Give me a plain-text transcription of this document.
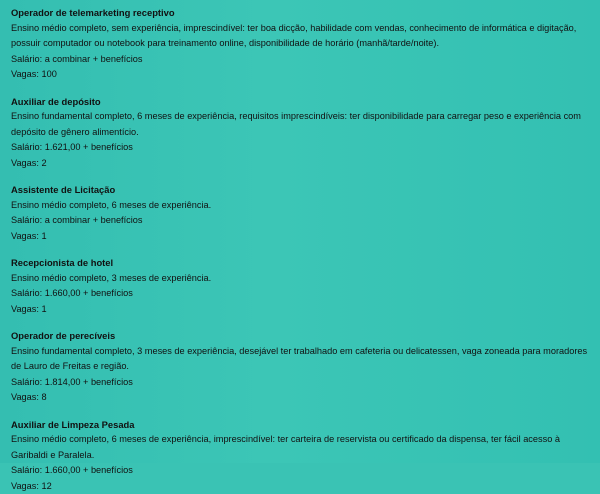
Operador de telemarketing receptivo

Ensino médio completo, sem experiência, imprescindível: ter boa dicção, habilidade com vendas, conhecimento de informática e digitação, possuir computador ou notebook para treinamento online, disponibilidade de horário (manhã/tarde/noite).

Salário: a combinar + benefícios

Vagas: 100

Auxiliar de depósito

Ensino fundamental completo, 6 meses de experiência, requisitos imprescindíveis: ter disponibilidade para carregar peso e experiência com depósito de gênero alimentício.

Salário: 1.621,00 + benefícios

Vagas: 2

Assistente de Licitação

Ensino médio completo, 6 meses de experiência.

Salário: a combinar + benefícios

Vagas: 1

Recepcionista de hotel

Ensino médio completo, 3 meses de experiência.

Salário: 1.660,00 + benefícios

Vagas: 1

Operador de perecíveis

Ensino fundamental completo, 3 meses de experiência, desejável ter trabalhado em cafeteria ou delicatessen, vaga zoneada para moradores de Lauro de Freitas e região.

Salário: 1.814,00 + benefícios

Vagas: 8

Auxiliar de Limpeza Pesada

Ensino médio completo, 6 meses de experiência, imprescindível: ter carteira de reservista ou certificado da dispensa, ter fácil acesso à Garibaldi e Paralela.

Salário: 1.660,00 + benefícios

Vagas: 12
